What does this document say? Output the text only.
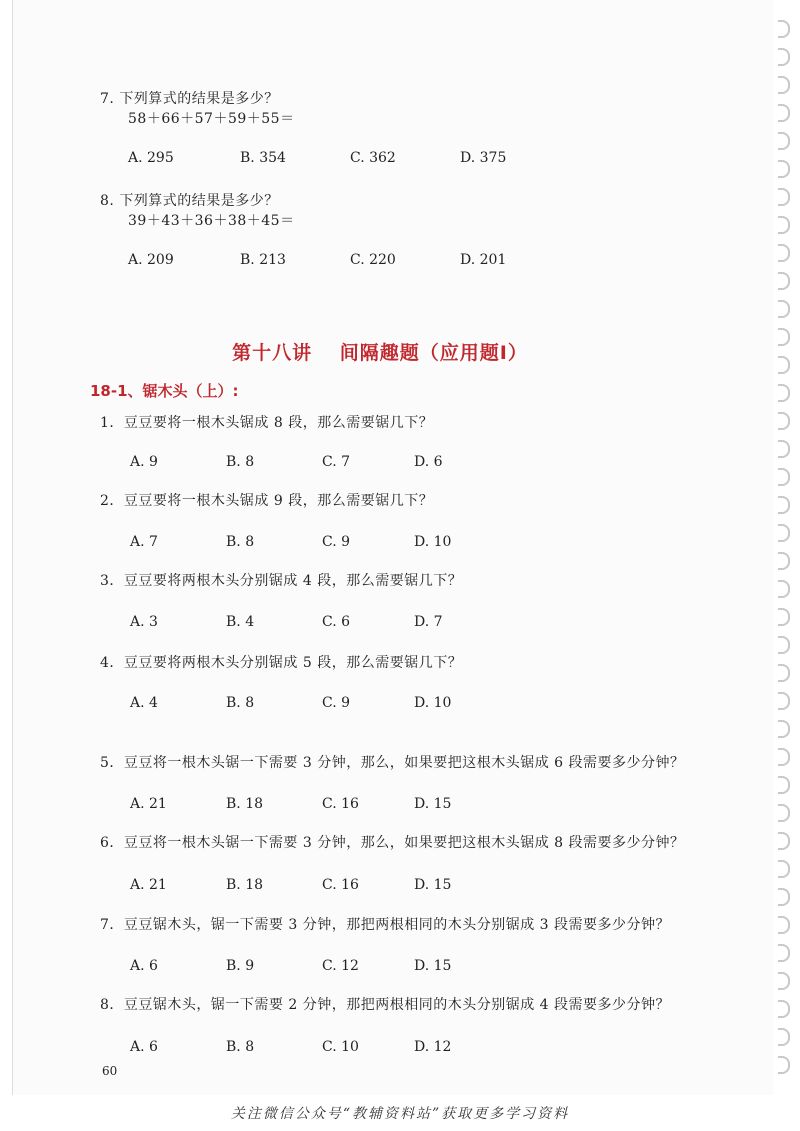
7. 下列算式的结果是多少？
58＋66＋57＋59＋55＝
A. 295	B. 354	C. 362	D. 375
8. 下列算式的结果是多少？
39＋43＋36＋38＋45＝
A. 209	B. 213	C. 220	D. 201
第十八讲　 间隔趣题（应用题Ⅰ）
18-1、锯木头（上）:
1．豆豆要将一根木头锯成 8 段，那么需要锯几下？
A. 9	B. 8	C. 7	D. 6
2．豆豆要将一根木头锯成 9 段，那么需要锯几下？
A. 7	B. 8	C. 9	D. 10
3．豆豆要将两根木头分别锯成 4 段，那么需要锯几下？
A. 3	B. 4	C. 6	D. 7
4．豆豆要将两根木头分别锯成 5 段，那么需要锯几下？
A. 4	B. 8	C. 9	D. 10
5．豆豆将一根木头锯一下需要 3 分钟，那么，如果要把这根木头锯成 6 段需要多少分钟？
A. 21	B. 18	C. 16	D. 15
6．豆豆将一根木头锯一下需要 3 分钟，那么，如果要把这根木头锯成 8 段需要多少分钟？
A. 21	B. 18	C. 16	D. 15
7．豆豆锯木头，锯一下需要 3 分钟，那把两根相同的木头分别锯成 3 段需要多少分钟？
A. 6	B. 9	C. 12	D. 15
8．豆豆锯木头，锯一下需要 2 分钟，那把两根相同的木头分别锯成 4 段需要多少分钟？
A. 6	B. 8	C. 10	D. 12
60
关注微信公众号“教辅资料站”获取更多学习资料
